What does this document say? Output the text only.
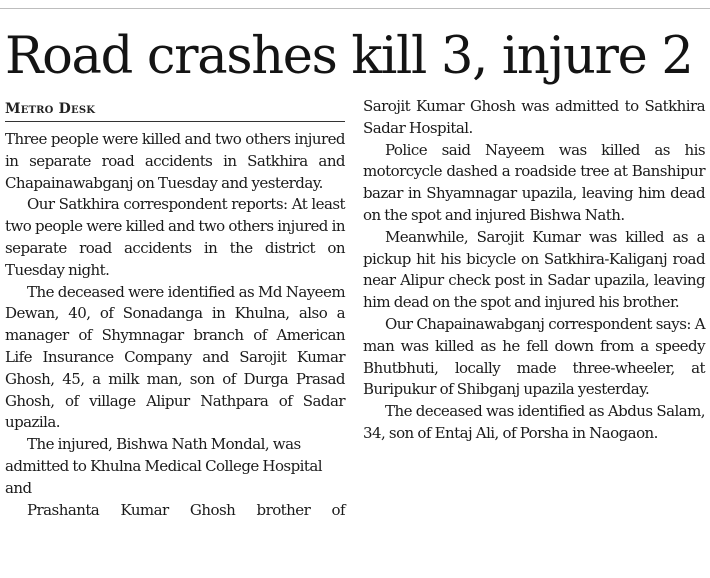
Road crashes kill 3, injure 2
Metro Desk

Three people were killed and two others injured in separate road accidents in Satkhira and Chapainawabganj on Tuesday and yesterday.

Our Satkhira correspondent reports: At least two people were killed and two others injured in separate road accidents in the district on Tuesday night.

The deceased were identified as Md Nayeem Dewan, 40, of Sonadanga in Khulna, also a manager of Shymnagar branch of American Life Insurance Company and Sarojit Kumar Ghosh, 45, a milk man, son of Durga Prasad Ghosh, of village Alipur Nathpara of Sadar upazila.

The injured, Bishwa Nath Mondal, was admitted to Khulna Medical College Hospital and

Prashanta Kumar Ghosh brother of

Sarojit Kumar Ghosh was admitted to Satkhira Sadar Hospital.

Police said Nayeem was killed as his motorcycle dashed a roadside tree at Banshipur bazar in Shyamnagar upazila, leaving him dead on the spot and injured Bishwa Nath.

Meanwhile, Sarojit Kumar was killed as a pickup hit his bicycle on Satkhira-Kaliganj road near Alipur check post in Sadar upazila, leaving him dead on the spot and injured his brother.

Our Chapainawabganj correspondent says: A man was killed as he fell down from a speedy Bhutbhuti, locally made three-wheeler, at Buripukur of Shibganj upazila yesterday.

The deceased was identified as Abdus Salam, 34, son of Entaj Ali, of Porsha in Naogaon.
